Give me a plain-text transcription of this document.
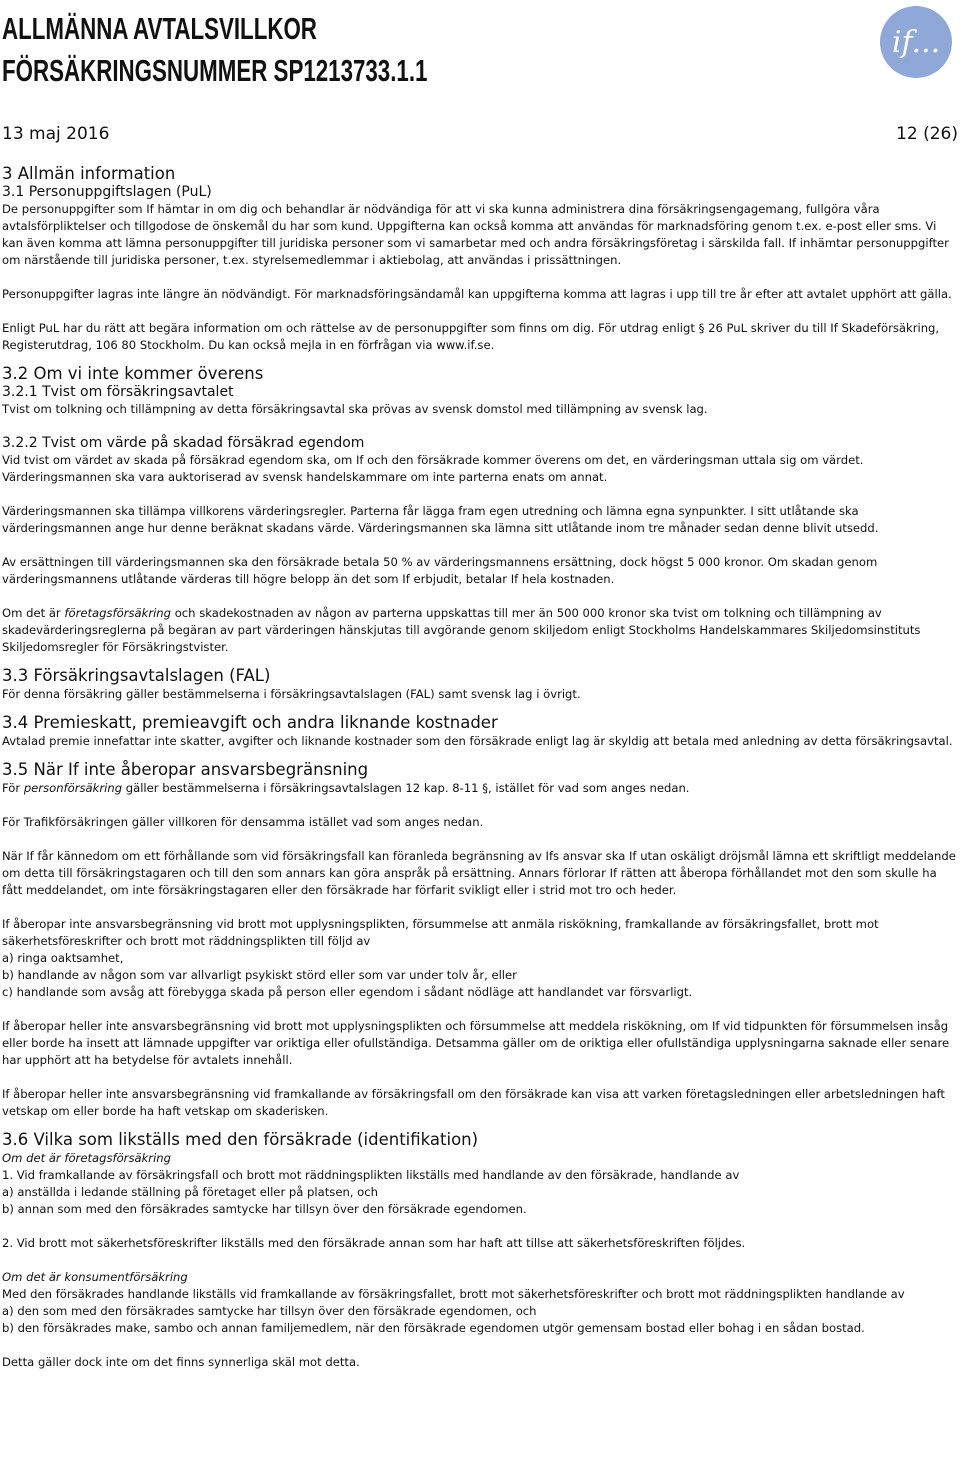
ALLMÄNNA AVTALSVILLKOR
FÖRSÄKRINGSNUMMER SP1213733.1.1
if...
13 maj 2016	12 (26)
3 Allmän information
3.1 Personuppgiftslagen (PuL)

De personuppgifter som If hämtar in om dig och behandlar är nödvändiga för att vi ska kunna administrera dina försäkringsengagemang, fullgöra våra avtalsförpliktelser och tillgodose de önskemål du har som kund. Uppgifterna kan också komma att användas för marknadsföring genom t.ex. e-post eller sms. Vi kan även komma att lämna personuppgifter till juridiska personer som vi samarbetar med och andra försäkringsföretag i särskilda fall. If inhämtar personuppgifter om närstående till juridiska personer, t.ex. styrelsemedlemmar i aktiebolag, att användas i prissättningen.

Personuppgifter lagras inte längre än nödvändigt. För marknadsföringsändamål kan uppgifterna komma att lagras i upp till tre år efter att avtalet upphört att gälla.

Enligt PuL har du rätt att begära information om och rättelse av de personuppgifter som finns om dig. För utdrag enligt § 26 PuL skriver du till If Skadeförsäkring, Registerutdrag, 106 80 Stockholm. Du kan också mejla in en förfrågan via www.if.se.

3.2 Om vi inte kommer överens
3.2.1 Tvist om försäkringsavtalet

Tvist om tolkning och tillämpning av detta försäkringsavtal ska prövas av svensk domstol med tillämpning av svensk lag.

3.2.2 Tvist om värde på skadad försäkrad egendom

Vid tvist om värdet av skada på försäkrad egendom ska, om If och den försäkrade kommer överens om det, en värderingsman uttala sig om värdet. Värderingsmannen ska vara auktoriserad av svensk handelskammare om inte parterna enats om annat.

Värderingsmannen ska tillämpa villkorens värderingsregler. Parterna får lägga fram egen utredning och lämna egna synpunkter. I sitt utlåtande ska värderingsmannen ange hur denne beräknat skadans värde. Värderingsmannen ska lämna sitt utlåtande inom tre månader sedan denne blivit utsedd.

Av ersättningen till värderingsmannen ska den försäkrade betala 50 % av värderingsmannens ersättning, dock högst 5 000 kronor. Om skadan genom värderingsmannens utlåtande värderas till högre belopp än det som If erbjudit, betalar If hela kostnaden.

Om det är företagsförsäkring och skadekostnaden av någon av parterna uppskattas till mer än 500 000 kronor ska tvist om tolkning och tillämpning av skadevärderingsreglerna på begäran av part värderingen hänskjutas till avgörande genom skiljedom enligt Stockholms Handelskammares Skiljedomsinstituts Skiljedomsregler för Försäkringstvister.

3.3 Försäkringsavtalslagen (FAL)

För denna försäkring gäller bestämmelserna i försäkringsavtalslagen (FAL) samt svensk lag i övrigt.

3.4 Premieskatt, premieavgift och andra liknande kostnader

Avtalad premie innefattar inte skatter, avgifter och liknande kostnader som den försäkrade enligt lag är skyldig att betala med anledning av detta försäkringsavtal.

3.5 När If inte åberopar ansvarsbegränsning

För personförsäkring gäller bestämmelserna i försäkringsavtalslagen 12 kap. 8-11 §, istället för vad som anges nedan.

För Trafikförsäkringen gäller villkoren för densamma istället vad som anges nedan.

När If får kännedom om ett förhållande som vid försäkringsfall kan föranleda begränsning av Ifs ansvar ska If utan oskäligt dröjsmål lämna ett skriftligt meddelande om detta till försäkringstagaren och till den som annars kan göra anspråk på ersättning. Annars förlorar If rätten att åberopa förhållandet mot den som skulle ha fått meddelandet, om inte försäkringstagaren eller den försäkrade har förfarit svikligt eller i strid mot tro och heder.

If åberopar inte ansvarsbegränsning vid brott mot upplysningsplikten, försummelse att anmäla riskökning, framkallande av försäkringsfallet, brott mot säkerhetsföreskrifter och brott mot räddningsplikten till följd av

a) ringa oaktsamhet,

b) handlande av någon som var allvarligt psykiskt störd eller som var under tolv år, eller

c) handlande som avsåg att förebygga skada på person eller egendom i sådant nödläge att handlandet var försvarligt.

If åberopar heller inte ansvarsbegränsning vid brott mot upplysningsplikten och försummelse att meddela riskökning, om If vid tidpunkten för försummelsen insåg eller borde ha insett att lämnade uppgifter var oriktiga eller ofullständiga. Detsamma gäller om de oriktiga eller ofullständiga upplysningarna saknade eller senare har upphört att ha betydelse för avtalets innehåll.

If åberopar heller inte ansvarsbegränsning vid framkallande av försäkringsfall om den försäkrade kan visa att varken företagsledningen eller arbetsledningen haft vetskap om eller borde ha haft vetskap om skaderisken.

3.6 Vilka som likställs med den försäkrade (identifikation)

Om det är företagsförsäkring

1. Vid framkallande av försäkringsfall och brott mot räddningsplikten likställs med handlande av den försäkrade, handlande av

a) anställda i ledande ställning på företaget eller på platsen, och

b) annan som med den försäkrades samtycke har tillsyn över den försäkrade egendomen.

2. Vid brott mot säkerhetsföreskrifter likställs med den försäkrade annan som har haft att tillse att säkerhetsföreskriften följdes.

Om det är konsumentförsäkring

Med den försäkrades handlande likställs vid framkallande av försäkringsfallet, brott mot säkerhetsföreskrifter och brott mot räddningsplikten handlande av

a) den som med den försäkrades samtycke har tillsyn över den försäkrade egendomen, och

b) den försäkrades make, sambo och annan familjemedlem, när den försäkrade egendomen utgör gemensam bostad eller bohag i en sådan bostad.

Detta gäller dock inte om det finns synnerliga skäl mot detta.
